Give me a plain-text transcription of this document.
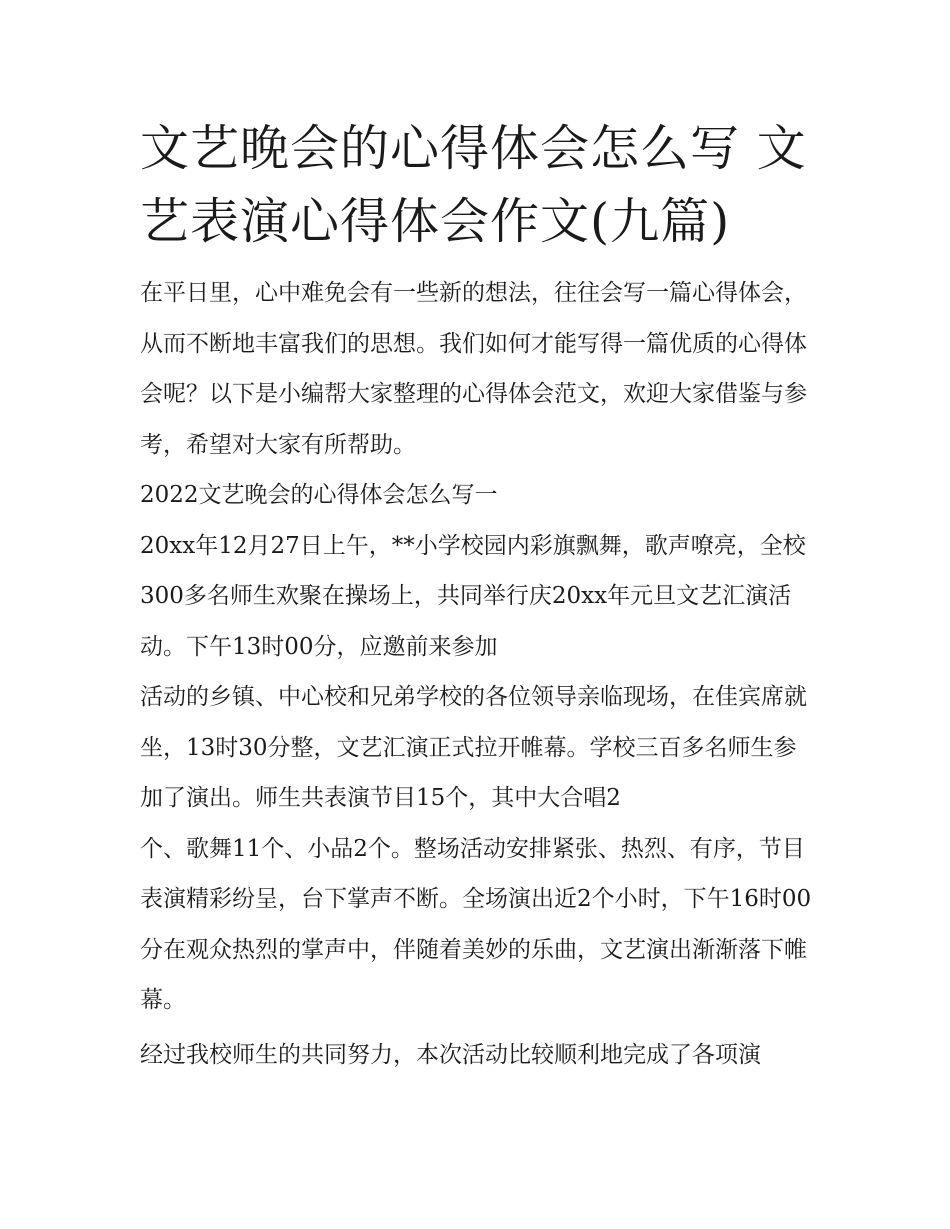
文艺晚会的心得体会怎么写 文艺表演心得体会作文(九篇)

在平日里，心中难免会有一些新的想法，往往会写一篇心得体会，从而不断地丰富我们的思想。我们如何才能写得一篇优质的心得体会呢？以下是小编帮大家整理的心得体会范文，欢迎大家借鉴与参考，希望对大家有所帮助。

2022文艺晚会的心得体会怎么写一

20xx年12月27日上午，**小学校园内彩旗飘舞，歌声嘹亮，全校300多名师生欢聚在操场上，共同举行庆20xx年元旦文艺汇演活动。下午13时00分，应邀前来参加

活动的乡镇、中心校和兄弟学校的各位领导亲临现场，在佳宾席就坐，13时30分整，文艺汇演正式拉开帷幕。学校三百多名师生参加了演出。师生共表演节目15个，其中大合唱2

个、歌舞11个、小品2个。整场活动安排紧张、热烈、有序，节目表演精彩纷呈，台下掌声不断。全场演出近2个小时，下午16时00分在观众热烈的掌声中，伴随着美妙的乐曲，文艺演出渐渐落下帷幕。

经过我校师生的共同努力，本次活动比较顺利地完成了各项演
